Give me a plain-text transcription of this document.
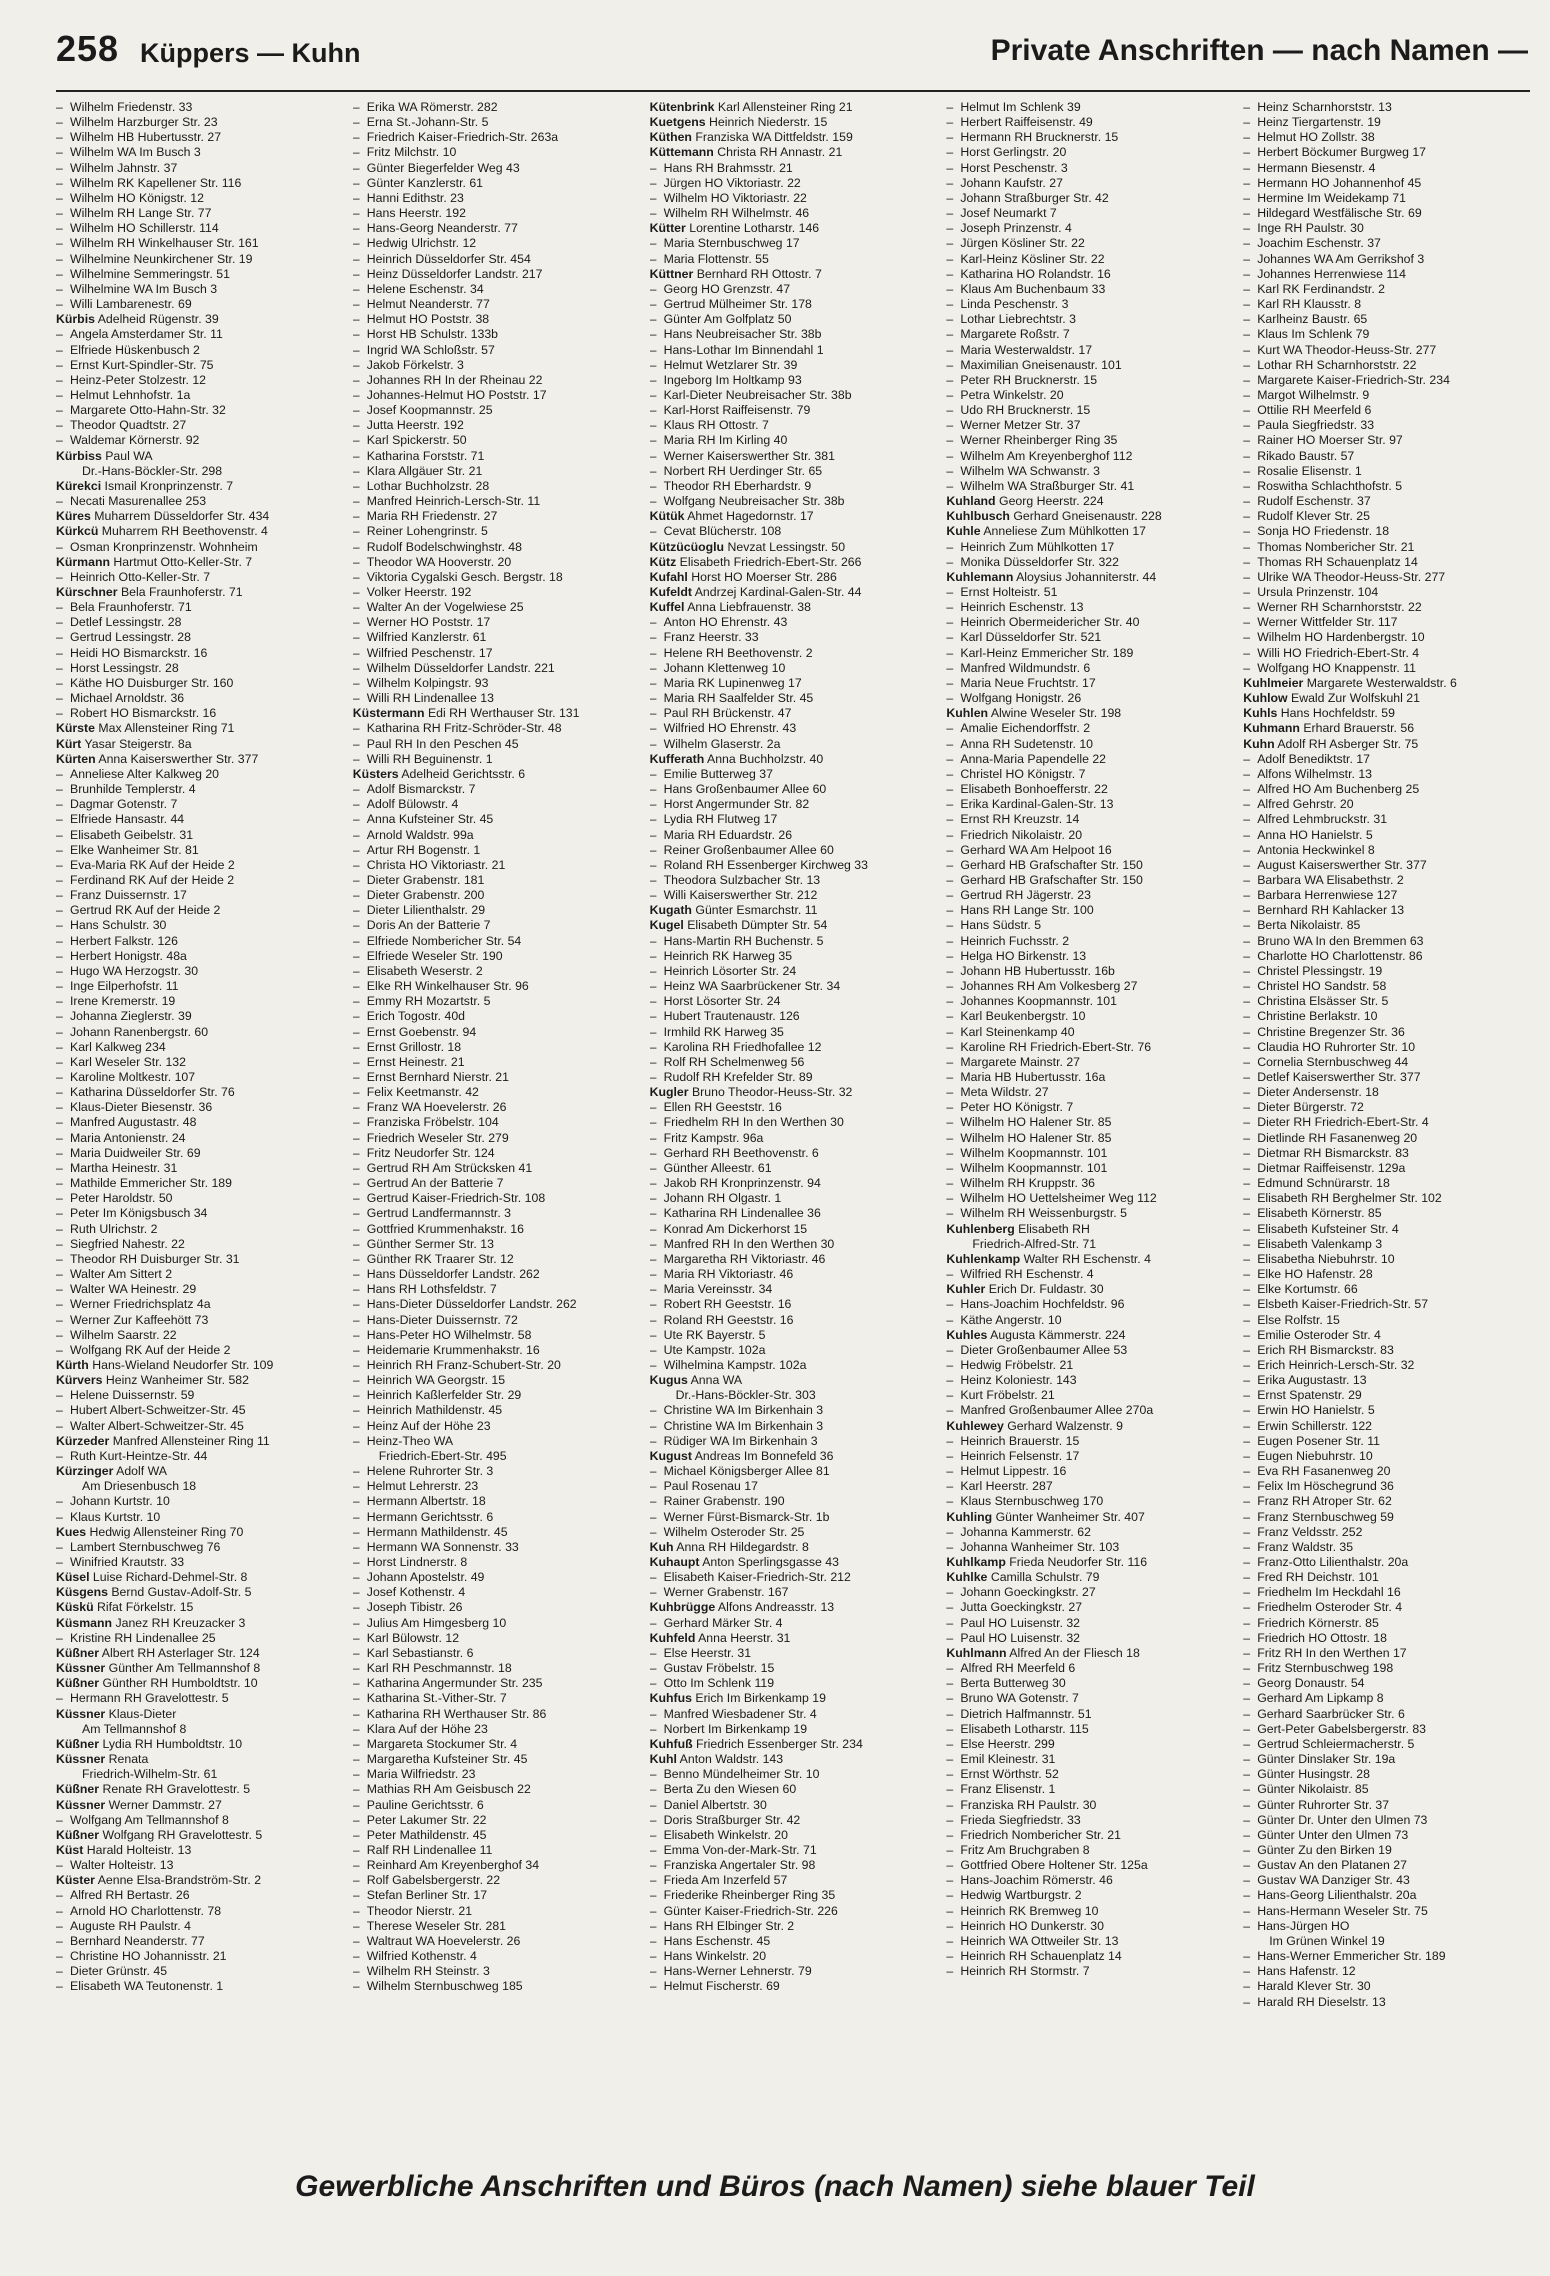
258 Küppers — Kuhn	Private Anschriften — nach Namen —
– Wilhelm Friedenstr. 33
– Wilhelm Harzburger Str. 23
– Wilhelm HB Hubertusstr. 27
– Wilhelm WA Im Busch 3
– Wilhelm Jahnstr. 37
– Wilhelm RK Kapellener Str. 116
– Wilhelm HO Königstr. 12
– Wilhelm RH Lange Str. 77
– Wilhelm HO Schillerstr. 114
– Wilhelm RH Winkelhauser Str. 161
– Wilhelmine Neunkirchener Str. 19
– Wilhelmine Semmeringstr. 51
– Wilhelmine WA Im Busch 3
– Willi Lambarenestr. 69
Kürbis Adelheid Rügenstr. 39
– Angela Amsterdamer Str. 11
– Elfriede Hüskenbusch 2
– Ernst Kurt-Spindler-Str. 75
– Heinz-Peter Stolzestr. 12
– Helmut Lehnhofstr. 1a
– Margarete Otto-Hahn-Str. 32
– Theodor Quadtstr. 27
– Waldemar Körnerstr. 92
Kürbiss Paul WA
Dr.-Hans-Böckler-Str. 298
Kürekci Ismail Kronprinzenstr. 7
– Necati Masurenallee 253
Küres Muharrem Düsseldorfer Str. 434
Kürkcü Muharrem RH Beethovenstr. 4
– Osman Kronprinzenstr. Wohnheim
Kürmann Hartmut Otto-Keller-Str. 7
– Heinrich Otto-Keller-Str. 7
Kürschner Bela Fraunhoferstr. 71
– Bela Fraunhoferstr. 71
– Detlef Lessingstr. 28
– Gertrud Lessingstr. 28
– Heidi HO Bismarckstr. 16
– Horst Lessingstr. 28
– Käthe HO Duisburger Str. 160
– Michael Arnoldstr. 36
– Robert HO Bismarckstr. 16
Kürste Max Allensteiner Ring 71
Kürt Yasar Steigerstr. 8a
Kürten Anna Kaiserswerther Str. 377
– Anneliese Alter Kalkweg 20
– Brunhilde Templerstr. 4
– Dagmar Gotenstr. 7
– Elfriede Hansastr. 44
– Elisabeth Geibelstr. 31
– Elke Wanheimer Str. 81
– Eva-Maria RK Auf der Heide 2
– Ferdinand RK Auf der Heide 2
– Franz Duissernstr. 17
– Gertrud RK Auf der Heide 2
– Hans Schulstr. 30
– Herbert Falkstr. 126
– Herbert Honigstr. 48a
– Hugo WA Herzogstr. 30
– Inge Eilperhofstr. 11
– Irene Kremerstr. 19
– Johanna Zieglerstr. 39
– Johann Ranenbergstr. 60
– Karl Kalkweg 234
– Karl Weseler Str. 132
– Karoline Moltkestr. 107
– Katharina Düsseldorfer Str. 76
– Klaus-Dieter Biesenstr. 36
– Manfred Augustastr. 48
– Maria Antonienstr. 24
– Maria Duidweiler Str. 69
– Martha Heinestr. 31
– Mathilde Emmericher Str. 189
– Peter Haroldstr. 50
– Peter Im Königsbusch 34
– Ruth Ulrichstr. 2
– Siegfried Nahestr. 22
– Theodor RH Duisburger Str. 31
– Walter Am Sittert 2
– Walter WA Heinestr. 29
– Werner Friedrichsplatz 4a
– Werner Zur Kaffeehött 73
– Wilhelm Saarstr. 22
– Wolfgang RK Auf der Heide 2
Kürth Hans-Wieland Neudorfer Str. 109
Kürvers Heinz Wanheimer Str. 582
– Helene Duissernstr. 59
– Hubert Albert-Schweitzer-Str. 45
– Walter Albert-Schweitzer-Str. 45
Kürzeder Manfred Allensteiner Ring 11
– Ruth Kurt-Heintze-Str. 44
Kürzinger Adolf WA
Am Driesenbusch 18
– Johann Kurtstr. 10
– Klaus Kurtstr. 10
Kues Hedwig Allensteiner Ring 70
– Lambert Sternbuschweg 76
– Winifried Krautstr. 33
Küsel Luise Richard-Dehmel-Str. 8
Küsgens Bernd Gustav-Adolf-Str. 5
Küskü Rifat Förkelstr. 15
Küsmann Janez RH Kreuzacker 3
– Kristine RH Lindenallee 25
Küßner Albert RH Asterlager Str. 124
Küssner Günther Am Tellmannshof 8
Küßner Günther RH Humboldtstr. 10
– Hermann RH Gravelottestr. 5
Küssner Klaus-Dieter
Am Tellmannshof 8
Küßner Lydia RH Humboldtstr. 10
Küssner Renata
Friedrich-Wilhelm-Str. 61
Küßner Renate RH Gravelottestr. 5
Küssner Werner Dammstr. 27
– Wolfgang Am Tellmannshof 8
Küßner Wolfgang RH Gravelottestr. 5
Küst Harald Holteistr. 13
– Walter Holteistr. 13
Küster Aenne Elsa-Brandström-Str. 2
– Alfred RH Bertastr. 26
– Arnold HO Charlottenstr. 78
– Auguste RH Paulstr. 4
– Bernhard Neanderstr. 77
– Christine HO Johannisstr. 21
– Dieter Grünstr. 45
– Elisabeth WA Teutonenstr. 1
– Erika WA Römerstr. 282
– Erna St.-Johann-Str. 5
– Friedrich Kaiser-Friedrich-Str. 263a
– Fritz Milchstr. 10
– Günter Biegerfelder Weg 43
– Günter Kanzlerstr. 61
– Hanni Edithstr. 23
– Hans Heerstr. 192
– Hans-Georg Neanderstr. 77
– Hedwig Ulrichstr. 12
– Heinrich Düsseldorfer Str. 454
– Heinz Düsseldorfer Landstr. 217
– Helene Eschenstr. 34
– Helmut Neanderstr. 77
– Helmut HO Poststr. 38
– Horst HB Schulstr. 133b
– Ingrid WA Schloßstr. 57
– Jakob Förkelstr. 3
– Johannes RH In der Rheinau 22
– Johannes-Helmut HO Poststr. 17
– Josef Koopmannstr. 25
– Jutta Heerstr. 192
– Karl Spickerstr. 50
– Katharina Forststr. 71
– Klara Allgäuer Str. 21
– Lothar Buchholzstr. 28
– Manfred Heinrich-Lersch-Str. 11
– Maria RH Friedenstr. 27
– Reiner Lohengrinstr. 5
– Rudolf Bodelschwinghstr. 48
– Theodor WA Hooverstr. 20
– Viktoria Cygalski Gesch. Bergstr. 18
– Volker Heerstr. 192
– Walter An der Vogelwiese 25
– Werner HO Poststr. 17
– Wilfried Kanzlerstr. 61
– Wilfried Peschenstr. 17
– Wilhelm Düsseldorfer Landstr. 221
– Wilhelm Kolpingstr. 93
– Willi RH Lindenallee 13
Küstermann Edi RH Werthauser Str. 131
– Katharina RH Fritz-Schröder-Str. 48
– Paul RH In den Peschen 45
– Willi RH Beguinenstr. 1
Küsters Adelheid Gerichtsstr. 6
– Adolf Bismarckstr. 7
– Adolf Bülowstr. 4
– Anna Kufsteiner Str. 45
– Arnold Waldstr. 99a
– Artur RH Bogenstr. 1
– Christa HO Viktoriastr. 21
– Dieter Grabenstr. 181
– Dieter Grabenstr. 200
– Dieter Lilienthalstr. 29
– Doris An der Batterie 7
– Elfriede Nombericher Str. 54
– Elfriede Weseler Str. 190
– Elisabeth Weserstr. 2
– Elke RH Winkelhauser Str. 96
– Emmy RH Mozartstr. 5
– Erich Togostr. 40d
– Ernst Goebenstr. 94
– Ernst Grillostr. 18
– Ernst Heinestr. 21
– Ernst Bernhard Nierstr. 21
– Felix Keetmanstr. 42
– Franz WA Hoevelerstr. 26
– Franziska Fröbelstr. 104
– Friedrich Weseler Str. 279
– Fritz Neudorfer Str. 124
– Gertrud RH Am Strücksken 41
– Gertrud An der Batterie 7
– Gertrud Kaiser-Friedrich-Str. 108
– Gertrud Landfermannstr. 3
– Gottfried Krummenhakstr. 16
– Günther Sermer Str. 13
– Günther RK Traarer Str. 12
– Hans Düsseldorfer Landstr. 262
– Hans RH Lothsfeldstr. 7
– Hans-Dieter Düsseldorfer Landstr. 262
– Hans-Dieter Duissernstr. 72
– Hans-Peter HO Wilhelmstr. 58
– Heidemarie Krummenhakstr. 16
– Heinrich RH Franz-Schubert-Str. 20
– Heinrich WA Georgstr. 15
– Heinrich Kaßlerfelder Str. 29
– Heinrich Mathildenstr. 45
– Heinz Auf der Höhe 23
– Heinz-Theo WA
Friedrich-Ebert-Str. 495
– Helene Ruhrorter Str. 3
– Helmut Lehrerstr. 23
– Hermann Albertstr. 18
– Hermann Gerichtsstr. 6
– Hermann Mathildenstr. 45
– Hermann WA Sonnenstr. 33
– Horst Lindnerstr. 8
– Johann Apostelstr. 49
– Josef Kothenstr. 4
– Joseph Tibistr. 26
– Julius Am Himgesberg 10
– Karl Bülowstr. 12
– Karl Sebastianstr. 6
– Karl RH Peschmannstr. 18
– Katharina Angermunder Str. 235
– Katharina St.-Vither-Str. 7
– Katharina RH Werthauser Str. 86
– Klara Auf der Höhe 23
– Margareta Stockumer Str. 4
– Margaretha Kufsteiner Str. 45
– Maria Wilfriedstr. 23
– Mathias RH Am Geisbusch 22
– Pauline Gerichtsstr. 6
– Peter Lakumer Str. 22
– Peter Mathildenstr. 45
– Ralf RH Lindenallee 11
– Reinhard Am Kreyenberghof 34
– Rolf Gabelsbergerstr. 22
– Stefan Berliner Str. 17
– Theodor Nierstr. 21
– Therese Weseler Str. 281
– Waltraut WA Hoevelerstr. 26
– Wilfried Kothenstr. 4
– Wilhelm RH Steinstr. 3
– Wilhelm Sternbuschweg 185
Kütenbrink Karl Allensteiner Ring 21
Kuetgens Heinrich Niederstr. 15
Küthen Franziska WA Dittfeldstr. 159
Küttemann Christa RH Annastr. 21
– Hans RH Brahmsstr. 21
– Jürgen HO Viktoriastr. 22
– Wilhelm HO Viktoriastr. 22
– Wilhelm RH Wilhelmstr. 46
Kütter Lorentine Lotharstr. 146
– Maria Sternbuschweg 17
– Maria Flottenstr. 55
Küttner Bernhard RH Ottostr. 7
– Georg HO Grenzstr. 47
– Gertrud Mülheimer Str. 178
– Günter Am Golfplatz 50
– Hans Neubreisacher Str. 38b
– Hans-Lothar Im Binnendahl 1
– Helmut Wetzlarer Str. 39
– Ingeborg Im Holtkamp 93
– Karl-Dieter Neubreisacher Str. 38b
– Karl-Horst Raiffeisenstr. 79
– Klaus RH Ottostr. 7
– Maria RH Im Kirling 40
– Werner Kaiserswerther Str. 381
– Norbert RH Uerdinger Str. 65
– Theodor RH Eberhardstr. 9
– Wolfgang Neubreisacher Str. 38b
Kütük Ahmet Hagedornstr. 17
– Cevat Blücherstr. 108
Kützücüoglu Nevzat Lessingstr. 50
Kütz Elisabeth Friedrich-Ebert-Str. 266
Kufahl Horst HO Moerser Str. 286
Kufeldt Andrzej Kardinal-Galen-Str. 44
Kuffel Anna Liebfrauenstr. 38
– Anton HO Ehrenstr. 43
– Franz Heerstr. 33
– Helene RH Beethovenstr. 2
– Johann Klettenweg 10
– Maria RK Lupinenweg 17
– Maria RH Saalfelder Str. 45
– Paul RH Brückenstr. 47
– Wilfried HO Ehrenstr. 43
– Wilhelm Glaserstr. 2a
Kufferath Anna Buchholzstr. 40
– Emilie Butterweg 37
– Hans Großenbaumer Allee 60
– Horst Angermunder Str. 82
– Lydia RH Flutweg 17
– Maria RH Eduardstr. 26
– Reiner Großenbaumer Allee 60
– Roland RH Essenberger Kirchweg 33
– Theodora Sulzbacher Str. 13
– Willi Kaiserswerther Str. 212
Kugath Günter Esmarchstr. 11
Kugel Elisabeth Dümpter Str. 54
– Hans-Martin RH Buchenstr. 5
– Heinrich RK Harweg 35
– Heinrich Lösorter Str. 24
– Heinz WA Saarbrückener Str. 34
– Horst Lösorter Str. 24
– Hubert Trautenaustr. 126
– Irmhild RK Harweg 35
– Karolina RH Friedhofallee 12
– Rolf RH Schelmenweg 56
– Rudolf RH Krefelder Str. 89
Kugler Bruno Theodor-Heuss-Str. 32
– Ellen RH Geeststr. 16
– Friedhelm RH In den Werthen 30
– Fritz Kampstr. 96a
– Gerhard RH Beethovenstr. 6
– Günther Alleestr. 61
– Jakob RH Kronprinzenstr. 94
– Johann RH Olgastr. 1
– Katharina RH Lindenallee 36
– Konrad Am Dickerhorst 15
– Manfred RH In den Werthen 30
– Margaretha RH Viktoriastr. 46
– Maria RH Viktoriastr. 46
– Maria Vereinsstr. 34
– Robert RH Geeststr. 16
– Roland RH Geeststr. 16
– Ute RK Bayerstr. 5
– Ute Kampstr. 102a
– Wilhelmina Kampstr. 102a
Kugus Anna WA
Dr.-Hans-Böckler-Str. 303
– Christine WA Im Birkenhain 3
– Christine WA Im Birkenhain 3
– Rüdiger WA Im Birkenhain 3
Kugust Andreas Im Bonnefeld 36
– Michael Königsberger Allee 81
– Paul Rosenau 17
– Rainer Grabenstr. 190
– Werner Fürst-Bismarck-Str. 1b
– Wilhelm Osteroder Str. 25
Kuh Anna RH Hildegardstr. 8
Kuhaupt Anton Sperlingsgasse 43
– Elisabeth Kaiser-Friedrich-Str. 212
– Werner Grabenstr. 167
Kuhbrügge Alfons Andreasstr. 13
– Gerhard Märker Str. 4
Kuhfeld Anna Heerstr. 31
– Else Heerstr. 31
– Gustav Fröbelstr. 15
– Otto Im Schlenk 119
Kuhfus Erich Im Birkenkamp 19
– Manfred Wiesbadener Str. 4
– Norbert Im Birkenkamp 19
Kuhfuß Friedrich Essenberger Str. 234
Kuhl Anton Waldstr. 143
– Benno Mündelheimer Str. 10
– Berta Zu den Wiesen 60
– Daniel Albertstr. 30
– Doris Straßburger Str. 42
– Elisabeth Winkelstr. 20
– Emma Von-der-Mark-Str. 71
– Franziska Angertaler Str. 98
– Frieda Am Inzerfeld 57
– Friederike Rheinberger Ring 35
– Günter Kaiser-Friedrich-Str. 226
– Hans RH Elbinger Str. 2
– Hans Eschenstr. 45
– Hans Winkelstr. 20
– Hans-Werner Lehnerstr. 79
– Helmut Fischerstr. 69
– Helmut Im Schlenk 39
– Herbert Raiffeisenstr. 49
– Hermann RH Brucknerstr. 15
– Horst Gerlingstr. 20
– Horst Peschenstr. 3
– Johann Kaufstr. 27
– Johann Straßburger Str. 42
– Josef Neumarkt 7
– Joseph Prinzenstr. 4
– Jürgen Kösliner Str. 22
– Karl-Heinz Kösliner Str. 22
– Katharina HO Rolandstr. 16
– Klaus Am Buchenbaum 33
– Linda Peschenstr. 3
– Lothar Liebrechtstr. 3
– Margarete Roßstr. 7
– Maria Westerwaldstr. 17
– Maximilian Gneisenaustr. 101
– Peter RH Brucknerstr. 15
– Petra Winkelstr. 20
– Udo RH Brucknerstr. 15
– Werner Metzer Str. 37
– Werner Rheinberger Ring 35
– Wilhelm Am Kreyenberghof 112
– Wilhelm WA Schwanstr. 3
– Wilhelm WA Straßburger Str. 41
Kuhland Georg Heerstr. 224
Kuhlbusch Gerhard Gneisenaustr. 228
Kuhle Anneliese Zum Mühlkotten 17
– Heinrich Zum Mühlkotten 17
– Monika Düsseldorfer Str. 322
Kuhlemann Aloysius Johanniterstr. 44
– Ernst Holteistr. 51
– Heinrich Eschenstr. 13
– Heinrich Obermeidericher Str. 40
– Karl Düsseldorfer Str. 521
– Karl-Heinz Emmericher Str. 189
– Manfred Wildmundstr. 6
– Maria Neue Fruchtstr. 17
– Wolfgang Honigstr. 26
Kuhlen Alwine Weseler Str. 198
– Amalie Eichendorffstr. 2
– Anna RH Sudetenstr. 10
– Anna-Maria Papendelle 22
– Christel HO Königstr. 7
– Elisabeth Bonhoefferstr. 22
– Erika Kardinal-Galen-Str. 13
– Ernst RH Kreuzstr. 14
– Friedrich Nikolaistr. 20
– Gerhard WA Am Helpoot 16
– Gerhard HB Grafschafter Str. 150
– Gerhard HB Grafschafter Str. 150
– Gertrud RH Jägerstr. 23
– Hans RH Lange Str. 100
– Hans Südstr. 5
– Heinrich Fuchsstr. 2
– Helga HO Birkenstr. 13
– Johann HB Hubertusstr. 16b
– Johannes RH Am Volkesberg 27
– Johannes Koopmannstr. 101
– Karl Beukenbergstr. 10
– Karl Steinenkamp 40
– Karoline RH Friedrich-Ebert-Str. 76
– Margarete Mainstr. 27
– Maria HB Hubertusstr. 16a
– Meta Wildstr. 27
– Peter HO Königstr. 7
– Wilhelm HO Halener Str. 85
– Wilhelm HO Halener Str. 85
– Wilhelm Koopmannstr. 101
– Wilhelm Koopmannstr. 101
– Wilhelm RH Kruppstr. 36
– Wilhelm HO Uettelsheimer Weg 112
– Wilhelm RH Weissenburgstr. 5
Kuhlenberg Elisabeth RH
Friedrich-Alfred-Str. 71
Kuhlenkamp Walter RH Eschenstr. 4
– Wilfried RH Eschenstr. 4
Kuhler Erich Dr. Fuldastr. 30
– Hans-Joachim Hochfeldstr. 96
– Käthe Angerstr. 10
Kuhles Augusta Kämmerstr. 224
– Dieter Großenbaumer Allee 53
– Hedwig Fröbelstr. 21
– Heinz Koloniestr. 143
– Kurt Fröbelstr. 21
– Manfred Großenbaumer Allee 270a
Kuhlewey Gerhard Walzenstr. 9
– Heinrich Brauerstr. 15
– Heinrich Felsenstr. 17
– Helmut Lippestr. 16
– Karl Heerstr. 287
– Klaus Sternbuschweg 170
Kuhling Günter Wanheimer Str. 407
– Johanna Kammerstr. 62
– Johanna Wanheimer Str. 103
Kuhlkamp Frieda Neudorfer Str. 116
Kuhlke Camilla Schulstr. 79
– Johann Goeckingkstr. 27
– Jutta Goeckingkstr. 27
– Paul HO Luisenstr. 32
– Paul HO Luisenstr. 32
Kuhlmann Alfred An der Fliesch 18
– Alfred RH Meerfeld 6
– Berta Butterweg 30
– Bruno WA Gotenstr. 7
– Dietrich Halfmannstr. 51
– Elisabeth Lotharstr. 115
– Else Heerstr. 299
– Emil Kleinestr. 31
– Ernst Wörthstr. 52
– Franz Elisenstr. 1
– Franziska RH Paulstr. 30
– Frieda Siegfriedstr. 33
– Friedrich Nombericher Str. 21
– Fritz Am Bruchgraben 8
– Gottfried Obere Holtener Str. 125a
– Hans-Joachim Römerstr. 46
– Hedwig Wartburgstr. 2
– Heinrich RK Bremweg 10
– Heinrich HO Dunkerstr. 30
– Heinrich WA Ottweiler Str. 13
– Heinrich RH Schauenplatz 14
– Heinrich RH Stormstr. 7
– Heinz Scharnhorststr. 13
– Heinz Tiergartenstr. 19
– Helmut HO Zollstr. 38
– Herbert Böckumer Burgweg 17
– Hermann Biesenstr. 4
– Hermann HO Johannenhof 45
– Hermine Im Weidekamp 71
– Hildegard Westfälische Str. 69
– Inge RH Paulstr. 30
– Joachim Eschenstr. 37
– Johannes WA Am Gerrikshof 3
– Johannes Herrenwiese 114
– Karl RK Ferdinandstr. 2
– Karl RH Klausstr. 8
– Karlheinz Baustr. 65
– Klaus Im Schlenk 79
– Kurt WA Theodor-Heuss-Str. 277
– Lothar RH Scharnhorststr. 22
– Margarete Kaiser-Friedrich-Str. 234
– Margot Wilhelmstr. 9
– Ottilie RH Meerfeld 6
– Paula Siegfriedstr. 33
– Rainer HO Moerser Str. 97
– Rikado Baustr. 57
– Rosalie Elisenstr. 1
– Roswitha Schlachthofstr. 5
– Rudolf Eschenstr. 37
– Rudolf Klever Str. 25
– Sonja HO Friedenstr. 18
– Thomas Nombericher Str. 21
– Thomas RH Schauenplatz 14
– Ulrike WA Theodor-Heuss-Str. 277
– Ursula Prinzenstr. 104
– Werner RH Scharnhorststr. 22
– Werner Wittfelder Str. 117
– Wilhelm HO Hardenbergstr. 10
– Willi HO Friedrich-Ebert-Str. 4
– Wolfgang HO Knappenstr. 11
Kuhlmeier Margarete Westerwaldstr. 6
Kuhlow Ewald Zur Wolfskuhl 21
Kuhls Hans Hochfeldstr. 59
Kuhmann Erhard Brauerstr. 56
Kuhn Adolf RH Asberger Str. 75
– Adolf Benediktstr. 17
– Alfons Wilhelmstr. 13
– Alfred HO Am Buchenberg 25
– Alfred Gehrstr. 20
– Alfred Lehmbruckstr. 31
– Anna HO Hanielstr. 5
– Antonia Heckwinkel 8
– August Kaiserswerther Str. 377
– Barbara WA Elisabethstr. 2
– Barbara Herrenwiese 127
– Bernhard RH Kahlacker 13
– Berta Nikolaistr. 85
– Bruno WA In den Bremmen 63
– Charlotte HO Charlottenstr. 86
– Christel Plessingstr. 19
– Christel HO Sandstr. 58
– Christina Elsässer Str. 5
– Christine Berlakstr. 10
– Christine Bregenzer Str. 36
– Claudia HO Ruhrorter Str. 10
– Cornelia Sternbuschweg 44
– Detlef Kaiserswerther Str. 377
– Dieter Andersenstr. 18
– Dieter Bürgerstr. 72
– Dieter RH Friedrich-Ebert-Str. 4
– Dietlinde RH Fasanenweg 20
– Dietmar RH Bismarckstr. 83
– Dietmar Raiffeisenstr. 129a
– Edmund Schnürarstr. 18
– Elisabeth RH Berghelmer Str. 102
– Elisabeth Körnerstr. 85
– Elisabeth Kufsteiner Str. 4
– Elisabeth Valenkamp 3
– Elisabetha Niebuhrstr. 10
– Elke HO Hafenstr. 28
– Elke Kortumstr. 66
– Elsbeth Kaiser-Friedrich-Str. 57
– Else Rolfstr. 15
– Emilie Osteroder Str. 4
– Erich RH Bismarckstr. 83
– Erich Heinrich-Lersch-Str. 32
– Erika Augustastr. 13
– Ernst Spatenstr. 29
– Erwin HO Hanielstr. 5
– Erwin Schillerstr. 122
– Eugen Posener Str. 11
– Eugen Niebuhrstr. 10
– Eva RH Fasanenweg 20
– Felix Im Höschegrund 36
– Franz RH Atroper Str. 62
– Franz Sternbuschweg 59
– Franz Veldsstr. 252
– Franz Waldstr. 35
– Franz-Otto Lilienthalstr. 20a
– Fred RH Deichstr. 101
– Friedhelm Im Heckdahl 16
– Friedhelm Osteroder Str. 4
– Friedrich Körnerstr. 85
– Friedrich HO Ottostr. 18
– Fritz RH In den Werthen 17
– Fritz Sternbuschweg 198
– Georg Donaustr. 54
– Gerhard Am Lipkamp 8
– Gerhard Saarbrücker Str. 6
– Gert-Peter Gabelsbergerstr. 83
– Gertrud Schleiermacherstr. 5
– Günter Dinslaker Str. 19a
– Günter Husingstr. 28
– Günter Nikolaistr. 85
– Günter Ruhrorter Str. 37
– Günter Dr. Unter den Ulmen 73
– Günter Unter den Ulmen 73
– Günter Zu den Birken 19
– Gustav An den Platanen 27
– Gustav WA Danziger Str. 43
– Hans-Georg Lilienthalstr. 20a
– Hans-Hermann Weseler Str. 75
– Hans-Jürgen HO
Im Grünen Winkel 19
– Hans-Werner Emmericher Str. 189
– Hans Hafenstr. 12
– Harald Klever Str. 30
– Harald RH Dieselstr. 13
Gewerbliche Anschriften und Büros (nach Namen) siehe blauer Teil
